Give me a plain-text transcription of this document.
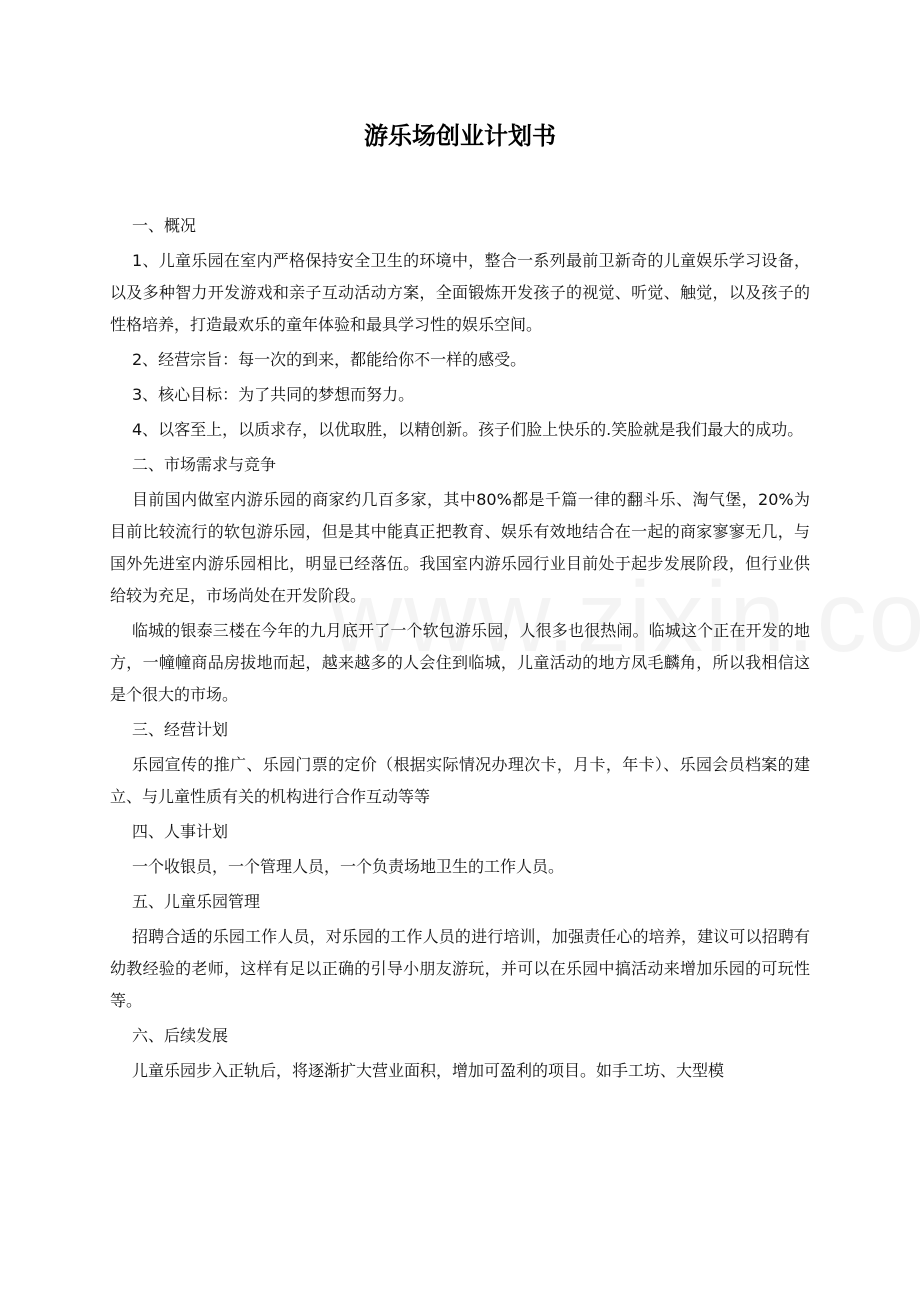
游乐场创业计划书

一、概况

1、儿童乐园在室内严格保持安全卫生的环境中，整合一系列最前卫新奇的儿童娱乐学习设备，以及多种智力开发游戏和亲子互动活动方案，全面锻炼开发孩子的视觉、听觉、触觉，以及孩子的性格培养，打造最欢乐的童年体验和最具学习性的娱乐空间。

2、经营宗旨：每一次的到来，都能给你不一样的感受。

3、核心目标：为了共同的梦想而努力。

4、以客至上，以质求存，以优取胜，以精创新。孩子们脸上快乐的.笑脸就是我们最大的成功。

二、市场需求与竞争

目前国内做室内游乐园的商家约几百多家，其中80%都是千篇一律的翻斗乐、淘气堡，20%为目前比较流行的软包游乐园，但是其中能真正把教育、娱乐有效地结合在一起的商家寥寥无几，与国外先进室内游乐园相比，明显已经落伍。我国室内游乐园行业目前处于起步发展阶段，但行业供给较为充足，市场尚处在开发阶段。

临城的银泰三楼在今年的九月底开了一个软包游乐园，人很多也很热闹。临城这个正在开发的地方，一幢幢商品房拔地而起，越来越多的人会住到临城，儿童活动的地方凤毛麟角，所以我相信这是个很大的市场。

三、经营计划

乐园宣传的推广、乐园门票的定价（根据实际情况办理次卡，月卡，年卡）、乐园会员档案的建立、与儿童性质有关的机构进行合作互动等等

四、人事计划

一个收银员，一个管理人员，一个负责场地卫生的工作人员。

五、儿童乐园管理

招聘合适的乐园工作人员，对乐园的工作人员的进行培训，加强责任心的培养，建议可以招聘有幼教经验的老师，这样有足以正确的引导小朋友游玩，并可以在乐园中搞活动来增加乐园的可玩性等。

六、后续发展

儿童乐园步入正轨后，将逐渐扩大营业面积，增加可盈利的项目。如手工坊、大型模
